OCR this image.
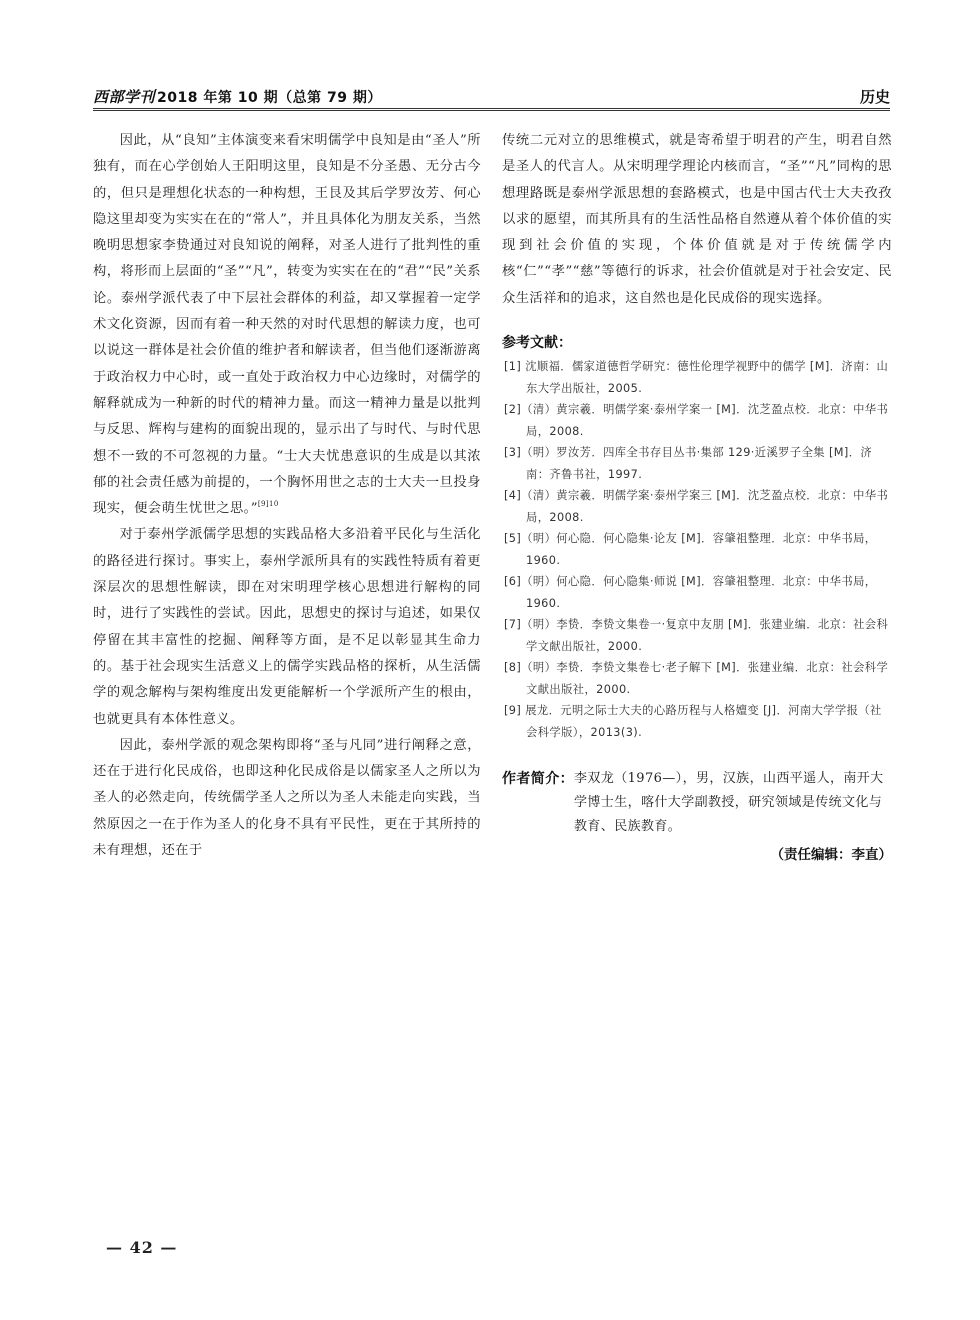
西部学刊 2018 年第 10 期（总第 79 期）	历史

因此，从“良知”主体演变来看宋明儒学中良知是由“圣人”所独有，而在心学创始人王阳明这里，良知是不分圣愚、无分古今的，但只是理想化状态的一种构想，王艮及其后学罗汝芳、何心隐这里却变为实实在在的“常人”，并且具体化为朋友关系，当然晚明思想家李贽通过对良知说的阐释，对圣人进行了批判性的重构，将形而上层面的“圣”“凡”，转变为实实在在的“君”“民”关系论。泰州学派代表了中下层社会群体的利益，却又掌握着一定学术文化资源，因而有着一种天然的对时代思想的解读力度，也可以说这一群体是社会价值的维护者和解读者，但当他们逐渐游离于政治权力中心时，或一直处于政治权力中心边缘时，对儒学的解释就成为一种新的时代的精神力量。而这一精神力量是以批判与反思、辉构与建构的面貌出现的，显示出了与时代、与时代思想不一致的不可忽视的力量。“士大夫忧患意识的生成是以其浓郁的社会责任感为前提的，一个胸怀用世之志的士大夫一旦投身现实，便会萌生忧世之思。”$^{[9]10}$

对于泰州学派儒学思想的实践品格大多沿着平民化与生活化的路径进行探讨。事实上，泰州学派所具有的实践性特质有着更深层次的思想性解读，即在对宋明理学核心思想进行解构的同时，进行了实践性的尝试。因此，思想史的探讨与追述，如果仅停留在其丰富性的挖掘、阐释等方面，是不足以彰显其生命力的。基于社会现实生活意义上的儒学实践品格的探析，从生活儒学的观念解构与架构维度出发更能解析一个学派所产生的根由，也就更具有本体性意义。

因此，泰州学派的观念架构即将“圣与凡同”进行阐释之意，还在于进行化民成俗，也即这种化民成俗是以儒家圣人之所以为圣人的必然走向，传统儒学圣人之所以为圣人未能走向实践，当然原因之一在于作为圣人的化身不具有平民性，更在于其所持的未有理想，还在于

传统二元对立的思维模式，就是寄希望于明君的产生，明君自然是圣人的代言人。从宋明理学理论内核而言，“圣”“凡”同构的思想理路既是泰州学派思想的套路模式，也是中国古代士大夫孜孜以求的愿望，而其所具有的生活性品格自然遵从着个体价值的实现到社会价值的实现，个体价值就是对于传统儒学内核“仁”“孝”“慈”等德行的诉求，社会价值就是对于社会安定、民众生活祥和的追求，这自然也是化民成俗的现实选择。

参考文献：

[1] 沈顺福．儒家道德哲学研究：德性伦理学视野中的儒学 [M]．济南：山东大学出版社，2005.

[2]（清）黄宗羲．明儒学案·泰州学案一 [M]．沈芝盈点校．北京：中华书局，2008.

[3]（明）罗汝芳．四库全书存目丛书·集部 129·近溪罗子全集 [M]．济南：齐鲁书社，1997.

[4]（清）黄宗羲．明儒学案·泰州学案三 [M]．沈芝盈点校．北京：中华书局，2008.

[5]（明）何心隐．何心隐集·论友 [M]．容肇祖整理．北京：中华书局，1960.

[6]（明）何心隐．何心隐集·师说 [M]．容肇祖整理．北京：中华书局，1960.

[7]（明）李贽．李贽文集卷一·复京中友朋 [M]．张建业编．北京：社会科学文献出版社，2000.

[8]（明）李贽．李贽文集卷七·老子解下 [M]．张建业编．北京：社会科学文献出版社，2000.

[9] 展龙．元明之际士大夫的心路历程与人格嬗变 [J]．河南大学学报（社会科学版），2013(3).

作者简介： 李双龙（1976—），男，汉族，山西平遥人，南开大学博士生，喀什大学副教授，研究领域是传统文化与教育、民族教育。
（责任编辑：李直）
— 42 —
